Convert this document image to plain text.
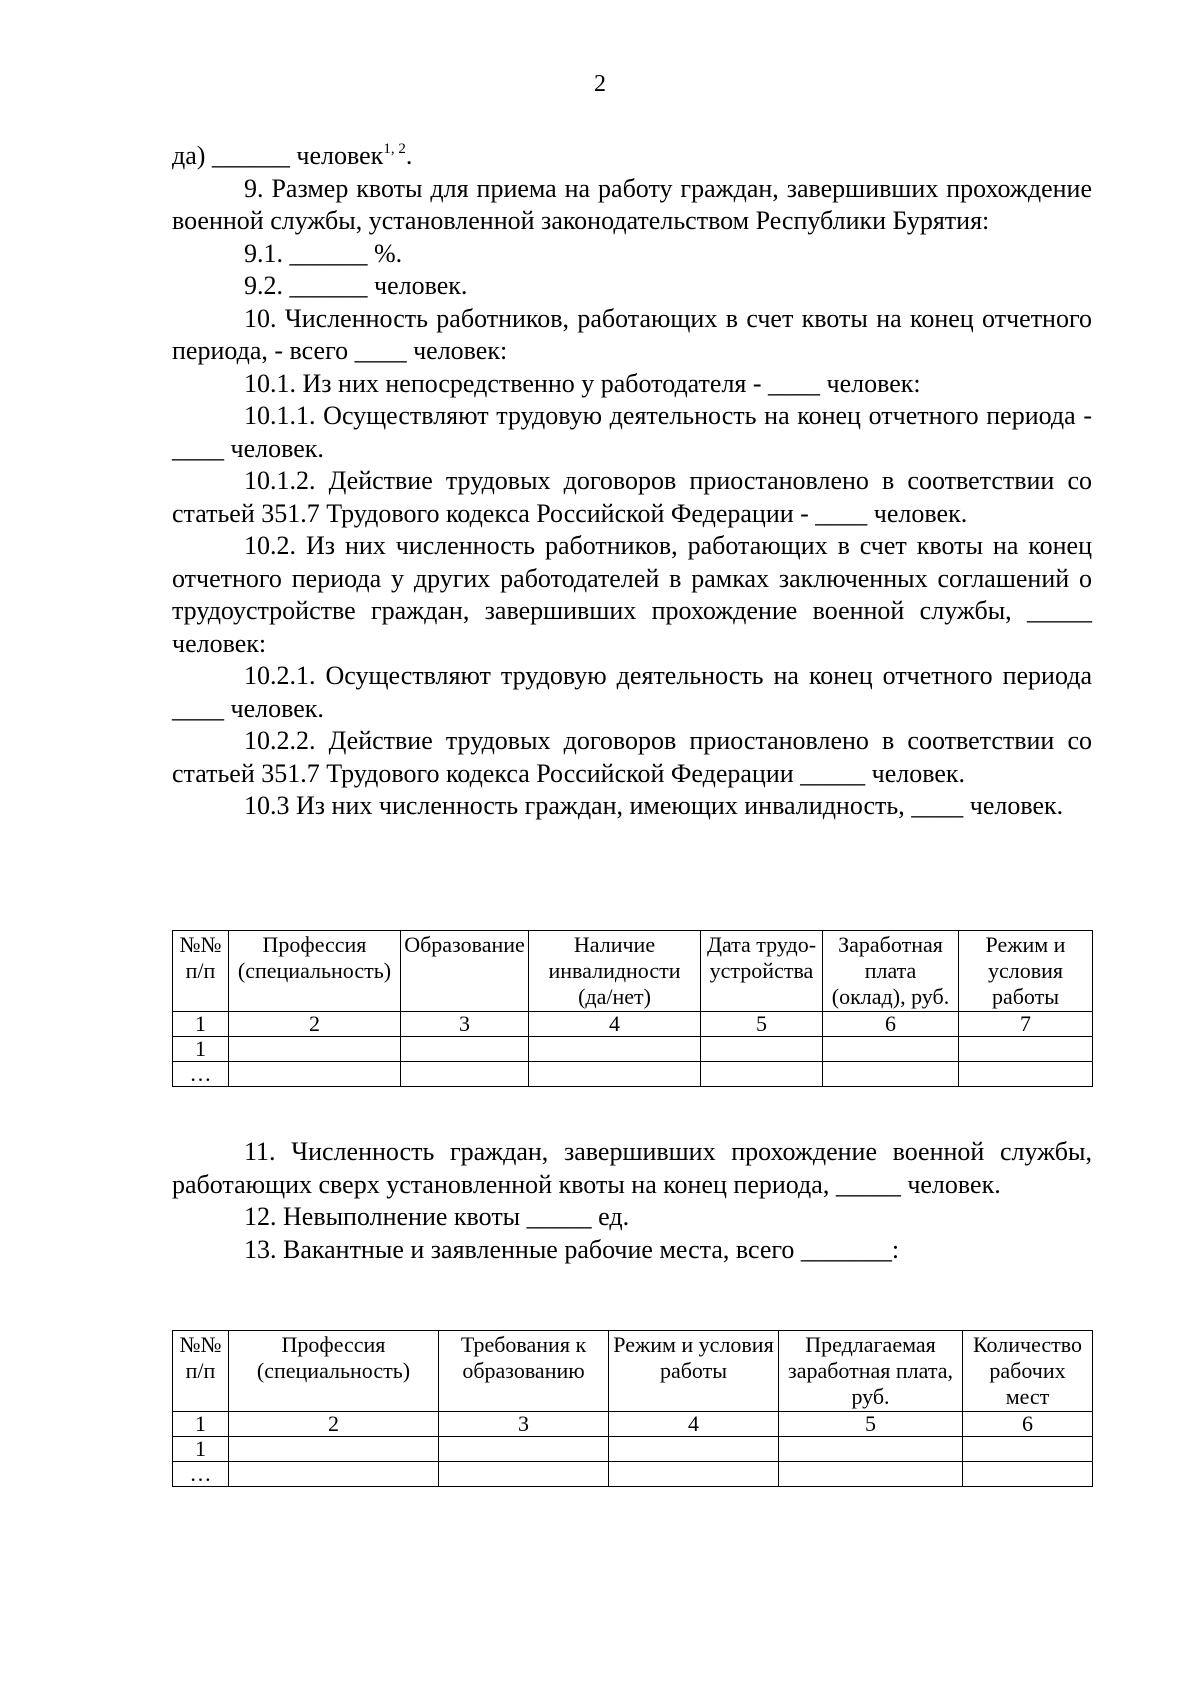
2

да) ______ человек$^{1, 2}$.

9. Размер квоты для приема на работу граждан, завершивших прохождение военной службы, установленной законодательством Республики Бурятия:

9.1. ______ %.

9.2. ______ человек.

10. Численность работников, работающих в счет квоты на конец отчетного периода, - всего ____ человек:

10.1. Из них непосредственно у работодателя - ____ человек:

10.1.1. Осуществляют трудовую деятельность на конец отчетного периода - ____ человек.

10.1.2. Действие трудовых договоров приостановлено в соответствии со статьей 351.7 Трудового кодекса Российской Федерации - ____ человек.

10.2. Из них численность работников, работающих в счет квоты на конец отчетного периода у других работодателей в рамках заключенных соглашений о трудоустройстве граждан, завершивших прохождение военной службы, _____ человек:

10.2.1. Осуществляют трудовую деятельность на конец отчетного периода ____ человек.

10.2.2. Действие трудовых договоров приостановлено в соответствии со статьей 351.7 Трудового кодекса Российской Федерации _____ человек.

10.3 Из них численность граждан, имеющих инвалидность, ____ человек.

№№ п/п	Профессия (специальность)	Образование	Наличие инвалидности (да/нет)	Дата трудоустройства	Заработная плата (оклад), руб.	Режим и условия работы
1	2	3	4	5	6	7
1						
…						

11. Численность граждан, завершивших прохождение военной службы, работающих сверх установленной квоты на конец периода, _____ человек.

12. Невыполнение квоты _____ ед.

13. Вакантные и заявленные рабочие места, всего _______:

№№ п/п	Профессия (специальность)	Требования к образованию	Режим и условия работы	Предлагаемая заработная плата, руб.	Количество рабочих мест
1	2	3	4	5	6
1					
…					
